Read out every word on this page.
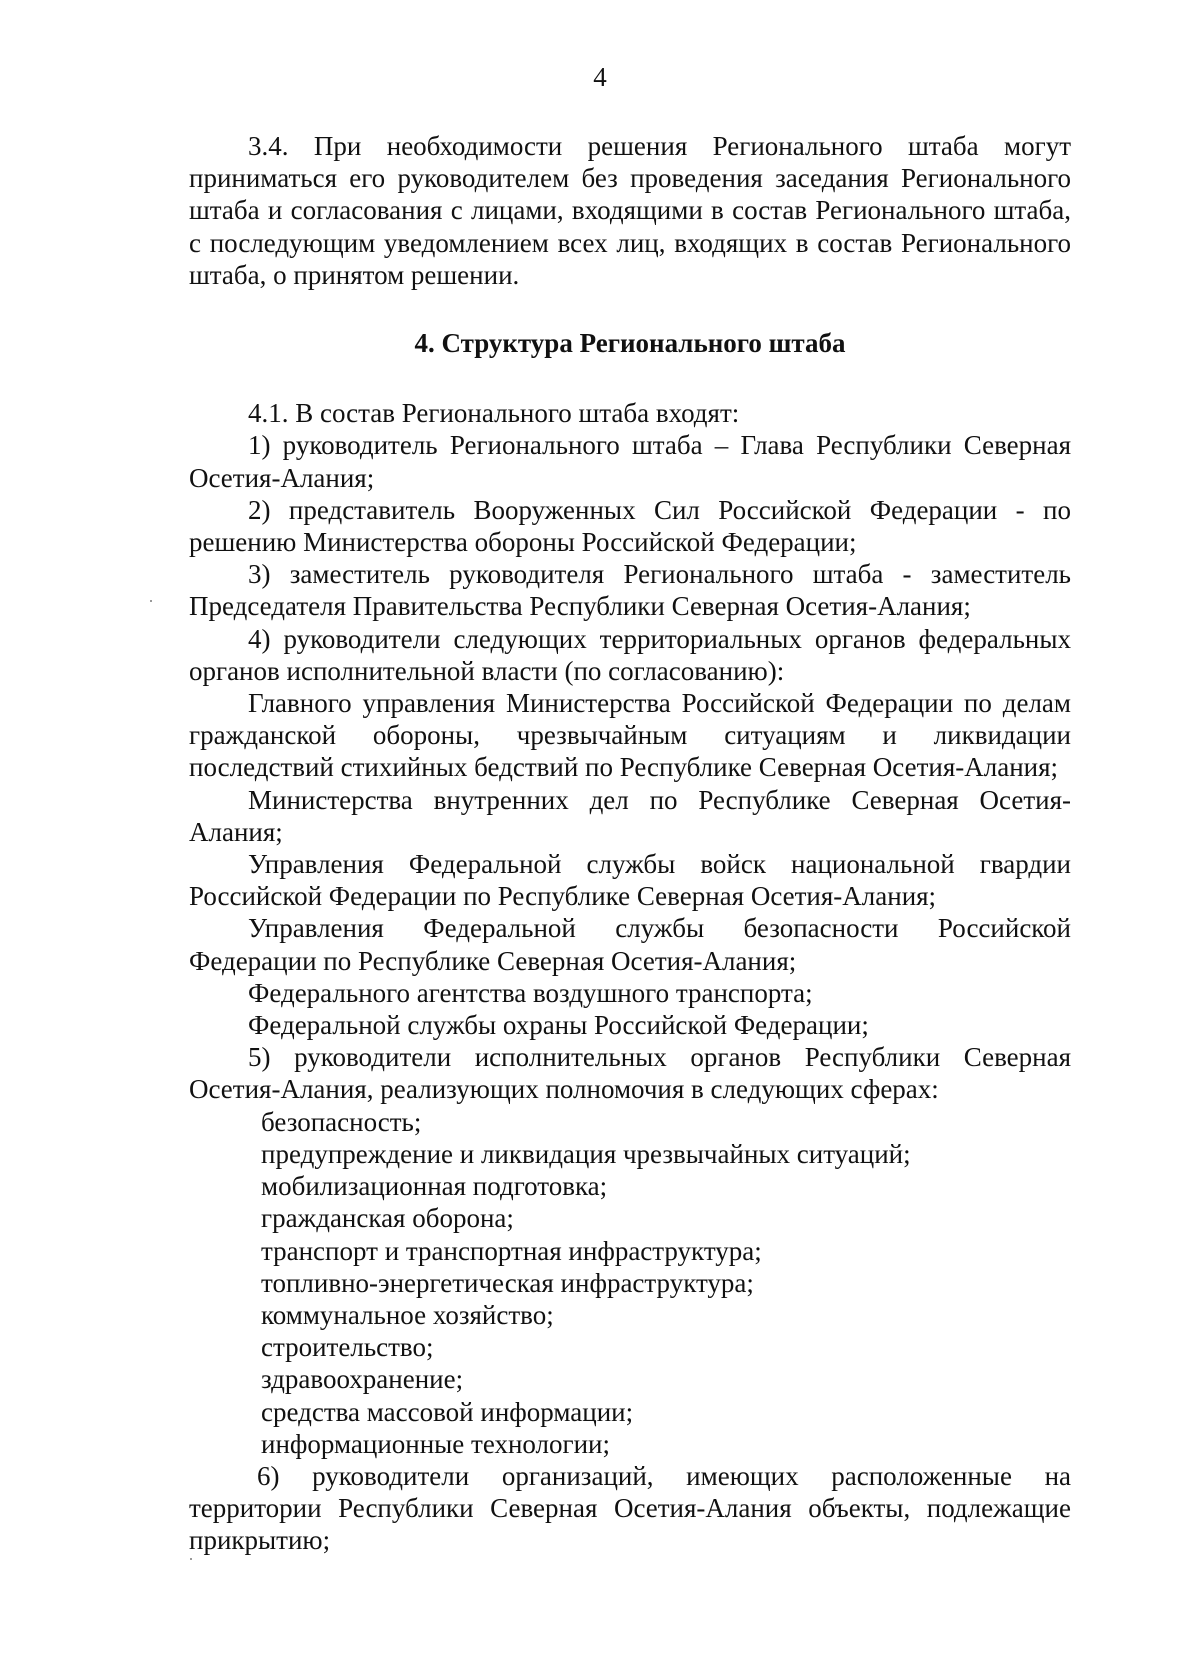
4

3.4. При необходимости решения Регионального штаба могут приниматься его руководителем без проведения заседания Регионального штаба и согласования с лицами, входящими в состав Регионального штаба, с последующим уведомлением всех лиц, входящих в состав Регионального штаба, о принятом решении.

4. Структура Регионального штаба

4.1. В состав Регионального штаба входят:

1) руководитель Регионального штаба – Глава Республики Северная Осетия-Алания;

2) представитель Вооруженных Сил Российской Федерации - по решению Министерства обороны Российской Федерации;

3) заместитель руководителя Регионального штаба - заместитель Председателя Правительства Республики Северная Осетия-Алания;

4) руководители следующих территориальных органов федеральных органов исполнительной власти (по согласованию):

Главного управления Министерства Российской Федерации по делам гражданской обороны, чрезвычайным ситуациям и ликвидации последствий стихийных бедствий по Республике Северная Осетия-Алания;

Министерства внутренних дел по Республике Северная Осетия-Алания;

Управления Федеральной службы войск национальной гвардии Российской Федерации по Республике Северная Осетия-Алания;

Управления Федеральной службы безопасности Российской Федерации по Республике Северная Осетия-Алания;

Федерального агентства воздушного транспорта;

Федеральной службы охраны Российской Федерации;

5) руководители исполнительных органов Республики Северная Осетия-Алания, реализующих полномочия в следующих сферах:

безопасность;

предупреждение и ликвидация чрезвычайных ситуаций;

мобилизационная подготовка;

гражданская оборона;

транспорт и транспортная инфраструктура;

топливно-энергетическая инфраструктура;

коммунальное хозяйство;

строительство;

здравоохранение;

средства массовой информации;

информационные технологии;

6) руководители организаций, имеющих расположенные на территории Республики Северная Осетия-Алания объекты, подлежащие прикрытию;
